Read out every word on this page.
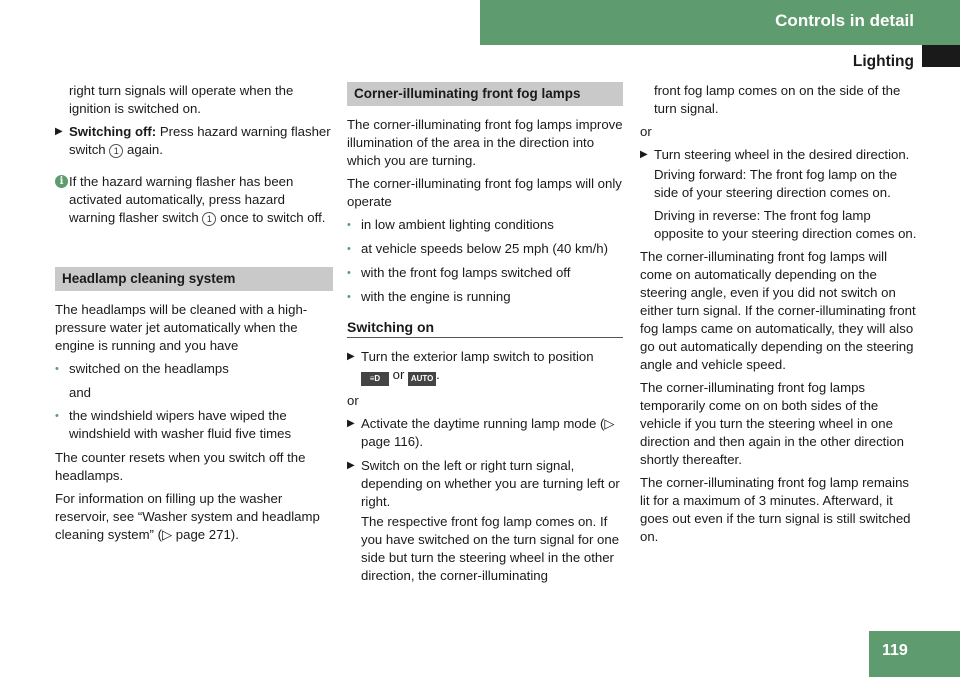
Controls in detail
Lighting

right turn signals will operate when the ignition is switched on.

▶ Switching off: Press hazard warning flasher switch 1 again.
i If the hazard warning flasher has been activated automatically, press hazard warning flasher switch 1 once to switch off.
Headlamp cleaning system

The headlamps will be cleaned with a high-pressure water jet automatically when the engine is running and you have

• switched on the headlamps

and

• the windshield wipers have wiped the windshield with washer fluid five times

The counter resets when you switch off the headlamps.

For information on filling up the washer reservoir, see “Washer system and headlamp cleaning system” (▷ page 271).

Corner-illuminating front fog lamps

The corner-illuminating front fog lamps improve illumination of the area in the direction into which you are turning.

The corner-illuminating front fog lamps will only operate

• in low ambient lighting conditions
• at vehicle speeds below 25 mph (40 km/h)
• with the front fog lamps switched off
• with the engine is running
Switching on
▶ Turn the exterior lamp switch to position
≡D or AUTO .

or

▶ Activate the daytime running lamp mode (▷ page 116).
▶ Switch on the left or right turn signal, depending on whether you are turning left or right.

The respective front fog lamp comes on. If you have switched on the turn signal for one side but turn the steering wheel in the other direction, the corner-illuminating

front fog lamp comes on on the side of the turn signal.

or

▶ Turn steering wheel in the desired direction.

Driving forward: The front fog lamp on the side of your steering direction comes on.

Driving in reverse: The front fog lamp opposite to your steering direction comes on.

The corner-illuminating front fog lamps will come on automatically depending on the steering angle, even if you did not switch on either turn signal. If the corner-illuminating front fog lamps came on automatically, they will also go out automatically depending on the steering angle and vehicle speed.

The corner-illuminating front fog lamps temporarily come on on both sides of the vehicle if you turn the steering wheel in one direction and then again in the other direction shortly thereafter.

The corner-illuminating front fog lamp remains lit for a maximum of 3 minutes. Afterward, it goes out even if the turn signal is still switched on.

119
